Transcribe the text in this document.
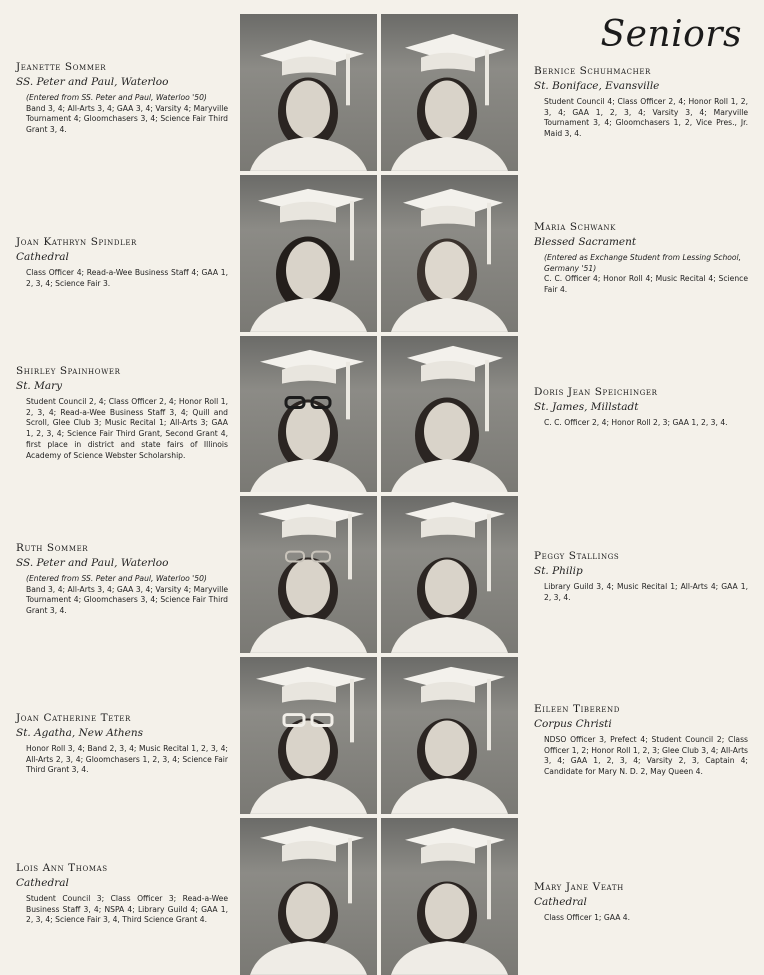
Seniors
Jeanette Sommer
SS. Peter and Paul, Waterloo
(Entered from SS. Peter and Paul, Waterloo '50)
Band 3, 4; All-Arts 3, 4; GAA 3, 4; Varsity 4; Maryville Tournament 4; Gloomchasers 3, 4; Science Fair Third Grant 3, 4.
Joan Kathryn Spindler
Cathedral
Class Officer 4; Read-a-Wee Business Staff 4; GAA 1, 2, 3, 4; Science Fair 3.
Shirley Spainhower
St. Mary
Student Council 2, 4; Class Officer 2, 4; Honor Roll 1, 2, 3, 4; Read-a-Wee Business Staff 3, 4; Quill and Scroll, Glee Club 3; Music Recital 1; All-Arts 3; GAA 1, 2, 3, 4; Science Fair Third Grant, Second Grant 4, first place in district and state fairs of Illinois Academy of Science Webster Scholarship.
Ruth Sommer
SS. Peter and Paul, Waterloo
(Entered from SS. Peter and Paul, Waterloo '50)
Band 3, 4; All-Arts 3, 4; GAA 3, 4; Varsity 4; Maryville Tournament 4; Gloomchasers 3, 4; Science Fair Third Grant 3, 4.
Joan Catherine Teter
St. Agatha, New Athens
Honor Roll 3, 4; Band 2, 3, 4; Music Recital 1, 2, 3, 4; All-Arts 2, 3, 4; Gloomchasers 1, 2, 3, 4; Science Fair Third Grant 3, 4.
Lois Ann Thomas
Cathedral
Student Council 3; Class Officer 3; Read-a-Wee Business Staff 3, 4; NSPA 4; Library Guild 4; GAA 1, 2, 3, 4; Science Fair 3, 4, Third Science Grant 4.
Bernice Schuhmacher
St. Boniface, Evansville
Student Council 4; Class Officer 2, 4; Honor Roll 1, 2, 3, 4; GAA 1, 2, 3, 4; Varsity 3, 4; Maryville Tournament 3, 4; Gloomchasers 1, 2, Vice Pres., Jr. Maid 3, 4.
Maria Schwank
Blessed Sacrament
(Entered as Exchange Student from Lessing School, Germany '51)
C. C. Officer 4; Honor Roll 4; Music Recital 4; Science Fair 4.
Doris Jean Speichinger
St. James, Millstadt
C. C. Officer 2, 4; Honor Roll 2, 3; GAA 1, 2, 3, 4.
Peggy Stallings
St. Philip
Library Guild 3, 4; Music Recital 1; All-Arts 4; GAA 1, 2, 3, 4.
Eileen Tiberend
Corpus Christi
NDSO Officer 3, Prefect 4; Student Council 2; Class Officer 1, 2; Honor Roll 1, 2, 3; Glee Club 3, 4; All-Arts 3, 4; GAA 1, 2, 3, 4; Varsity 2, 3, Captain 4; Candidate for Mary N. D. 2, May Queen 4.
Mary Jane Veath
Cathedral
Class Officer 1; GAA 4.
